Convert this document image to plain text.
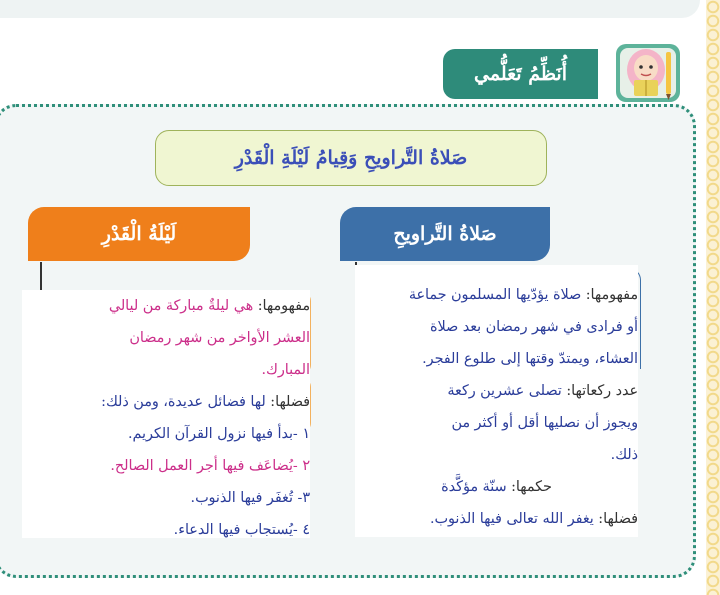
أُنَظِّمُ تَعَلُّمي
صَلاةُ التَّراويحِ وَقِيامُ لَيْلَةِ الْقَدْرِ

مفهومها: صلاة يؤدّيها المسلمون جماعة

أو فرادى في شهر رمضان بعد صلاة

العشاء، ويمتدّ وقتها إلى طلوع الفجر.

عدد ركعاتها: تصلى عشرين ركعة

ويجوز أن نصليها أقل أو أكثر من

ذلك.

حكمها: سنّة مؤكَّدة

فضلها: يغفر الله تعالى فيها الذنوب.

مفهومها: هي ليلةٌ مباركة من ليالي

العشر الأواخر من شهر رمضان

المبارك.

فضلها: لها فضائل عديدة، ومن ذلك:

١ -بدأ فيها نزول القرآن الكريم.

٢ -يُضاعَف فيها أجر العمل الصالح.

٣- تُغفَر فيها الذنوب.

٤ -يُستجاب فيها الدعاء.

صَلاةُ التَّراويحِ
لَيْلَةُ الْقَدْرِ
